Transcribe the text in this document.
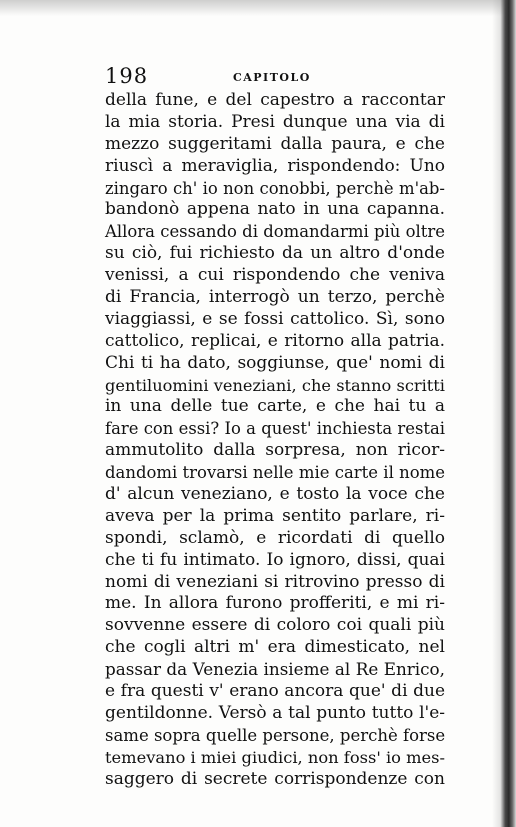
198	CAPITOLO
della fune, e del capestro a raccontar
la mia storia. Presi dunque una via di
mezzo suggeritami dalla paura, e che
riuscì a meraviglia, rispondendo: Uno
zingaro ch' io non conobbi, perchè m'ab-
bandonò appena nato in una capanna.
Allora cessando di domandarmi più oltre
su ciò, fui richiesto da un altro d'onde
venissi, a cui rispondendo che veniva
di Francia, interrogò un terzo, perchè
viaggiassi, e se fossi cattolico. Sì, sono
cattolico, replicai, e ritorno alla patria.
Chi ti ha dato, soggiunse, que' nomi di
gentiluomini veneziani, che stanno scritti
in una delle tue carte, e che hai tu a
fare con essi? Io a quest' inchiesta restai
ammutolito dalla sorpresa, non ricor-
dandomi trovarsi nelle mie carte il nome
d' alcun veneziano, e tosto la voce che
aveva per la prima sentito parlare, ri-
spondi, sclamò, e ricordati di quello
che ti fu intimato. Io ignoro, dissi, quai
nomi di veneziani si ritrovino presso di
me. In allora furono profferiti, e mi ri-
sovvenne essere di coloro coi quali più
che cogli altri m' era dimesticato, nel
passar da Venezia insieme al Re Enrico,
e fra questi v' erano ancora que' di due
gentildonne. Versò a tal punto tutto l'e-
same sopra quelle persone, perchè forse
temevano i miei giudici, non foss' io mes-
saggero di secrete corrispondenze con
